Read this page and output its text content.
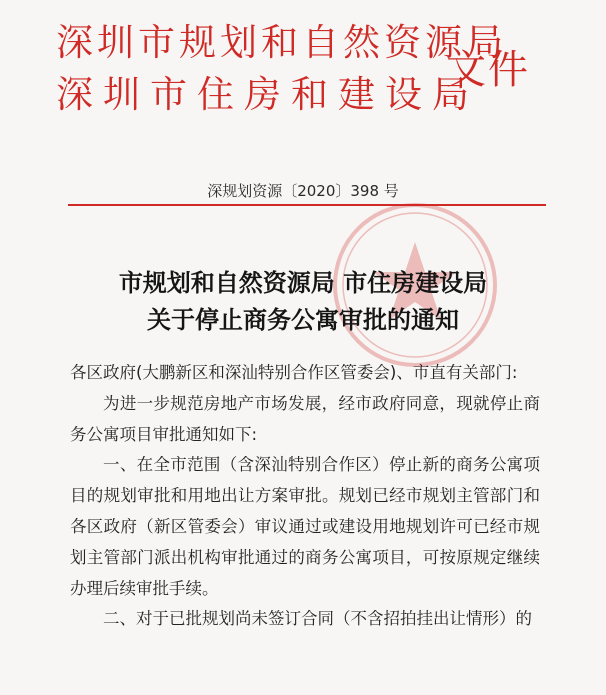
深圳市规划和自然资源局
深圳市住房和建设局
文件
深规划资源〔2020〕398 号
市规划和自然资源局 市住房建设局
关于停止商务公寓审批的通知

各区政府(大鹏新区和深汕特别合作区管委会)、市直有关部门:

为进一步规范房地产市场发展，经市政府同意，现就停止商务公寓项目审批通知如下:

一、在全市范围（含深汕特别合作区）停止新的商务公寓项目的规划审批和用地出让方案审批。规划已经市规划主管部门和各区政府（新区管委会）审议通过或建设用地规划许可已经市规划主管部门派出机构审批通过的商务公寓项目，可按原规定继续办理后续审批手续。

二、对于已批规划尚未签订合同（不含招拍挂出让情形）的
